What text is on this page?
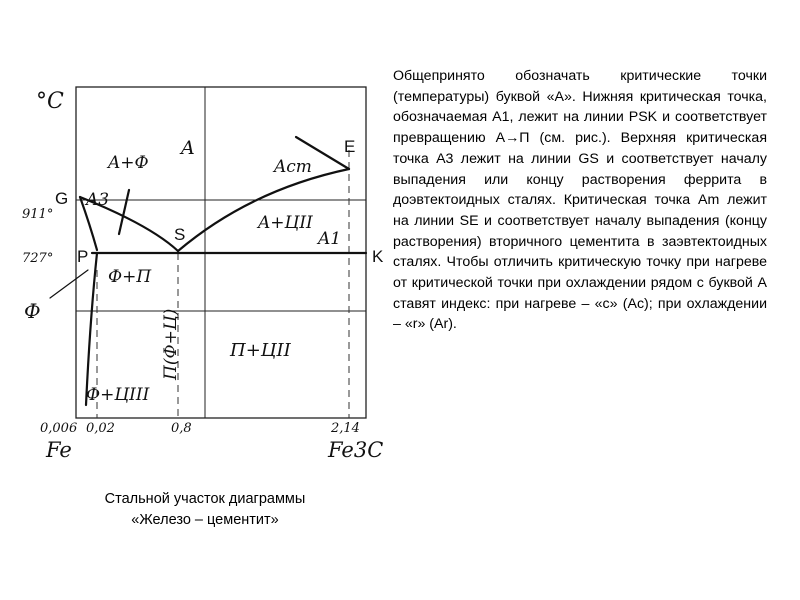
°C
G
E
S
P	K
911°
727°
A
A+Ф
A3
Acm
A+ЦII
A1
Ф+П
П+ЦII
Ф+ЦIII
Ф	П(Ф+Ц)
0,006 0,02	0,8	2,14
Fe	Fe3C

Общепринято обозначать критические точки (температуры) буквой «А». Нижняя критическая точка, обозначаемая А1, лежит на линии PSK и соответствует превращению А→П (см. рис.). Верхняя критическая точка А3 лежит на линии GS и соответствует началу выпадения или концу растворения феррита в доэвтектоидных сталях. Критическая точка Аm лежит на линии SE и соответствует началу выпадения (концу растворения) вторичного цементита в заэвтектоидных сталях. Чтобы отличить критическую точку при нагреве от критической точки при охлаждении рядом с буквой А ставят индекс: при нагреве – «с» (Ас); при охлаждении – «r» (Ar).

Стальной участок диаграммы
«Железо – цементит»
